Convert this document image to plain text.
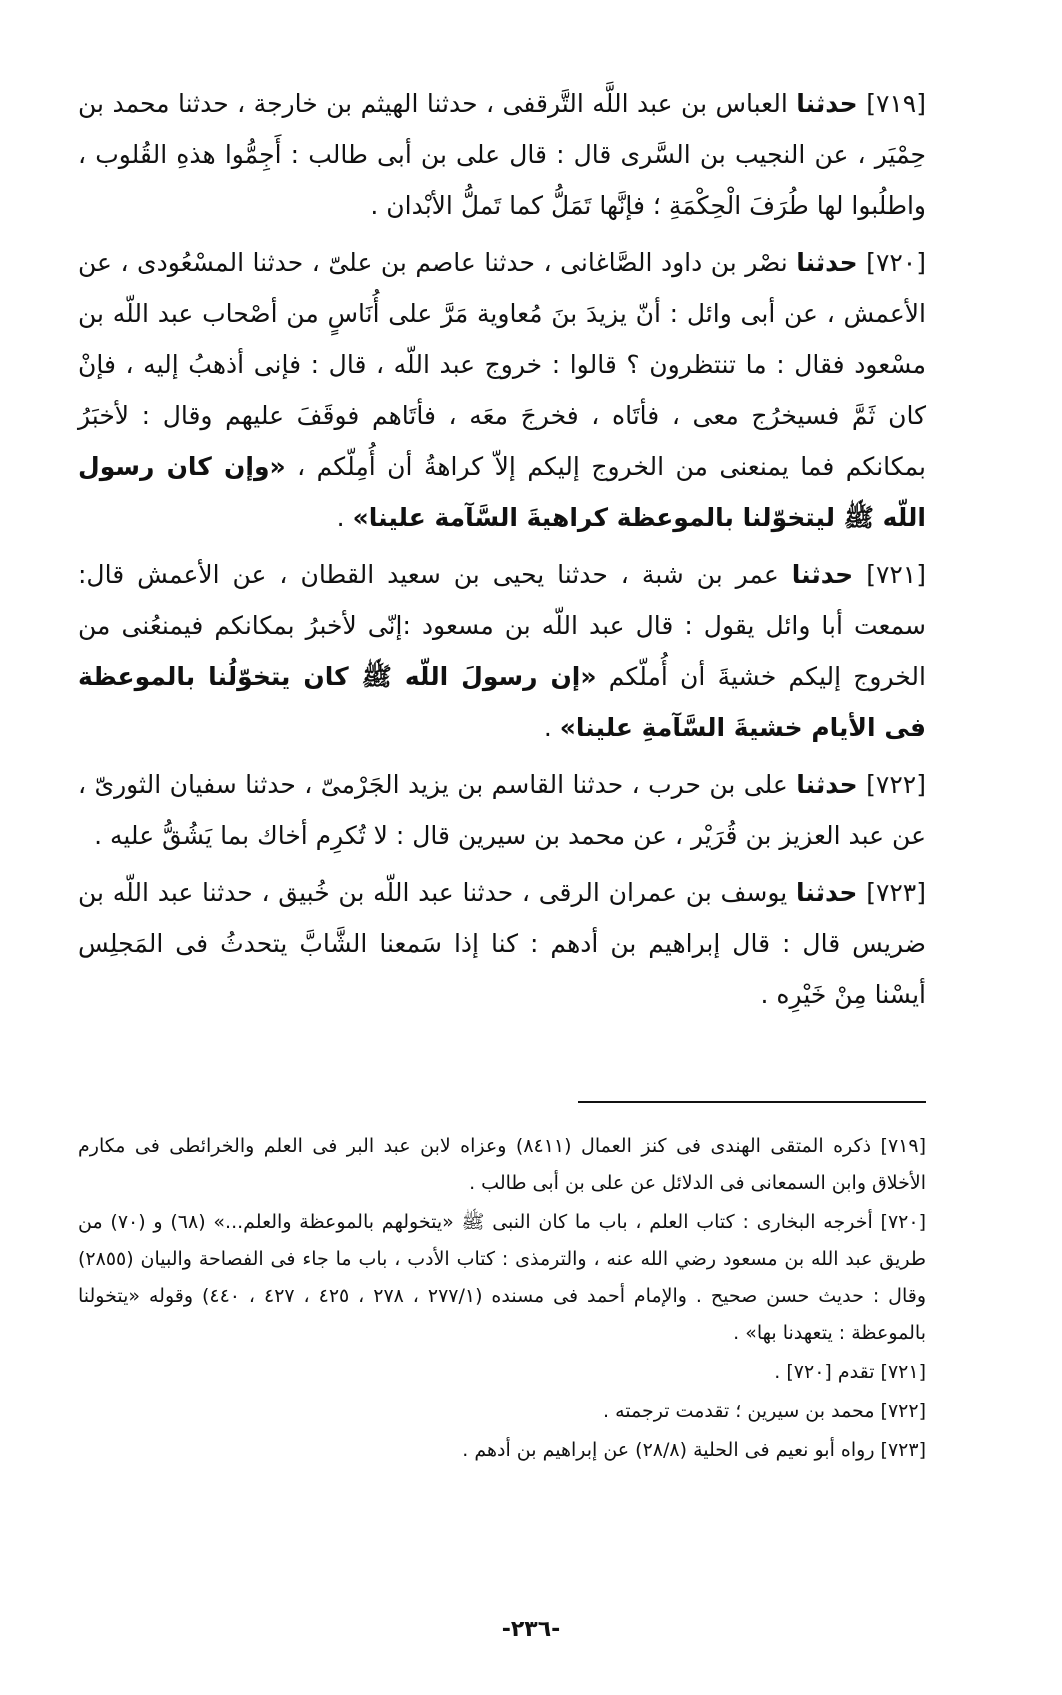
[٧١٩] حدثنا العباس بن عبد اللَّه التَّرقفى ، حدثنا الهيثم بن خارجة ، حدثنا محمد بن حِمْيَر ، عن النجيب بن السَّرى قال : قال على بن أبى طالب : أَجِمُّوا هذهِ القُلوب ، واطلُبوا لها طُرَفَ الْحِكْمَةِ ؛ فإنَّها تَمَلُّ كما تَملُّ الأبْدان .

[٧٢٠] حدثنا نصْر بن داود الصَّاغانى ، حدثنا عاصم بن علىّ ، حدثنا المسْعُودى ، عن الأعمش ، عن أبى وائل : أنّ يزيدَ بنَ مُعاوية مَرَّ على أُنَاسٍ من أصْحاب عبد اللّه بن مسْعود فقال : ما تنتظرون ؟ قالوا : خروج عبد اللّه ، قال : فإنى أذهبُ إليه ، فإنْ كان ثَمَّ فسيخرُج معى ، فأتَاه ، فخرجَ معَه ، فأتَاهم فوقَفَ عليهم وقال : لأخبَرُ بمكانكم فما يمنعنى من الخروج إليكم إلاّ كراهةُ أن أُمِلّكم ، «وإن كان رسول اللّه ﷺ ليتخوّلنا بالموعظة كراهيةَ السَّآمة علينا» .

[٧٢١] حدثنا عمر بن شبة ، حدثنا يحيى بن سعيد القطان ، عن الأعمش قال: سمعت أبا وائل يقول : قال عبد اللّه بن مسعود :إنّى لأخبرُ بمكانكم فيمنعُنى من الخروج إليكم خشيةَ أن أُملّكم «إن رسولَ اللّه ﷺ كان يتخوّلُنا بالموعظة فى الأيام خشيةَ السَّآمةِ علينا» .

[٧٢٢] حدثنا على بن حرب ، حدثنا القاسم بن يزيد الجَرْمىّ ، حدثنا سفيان الثورىّ ، عن عبد العزيز بن قُرَيْر ، عن محمد بن سيرين قال : لا تُكرِم أخاك بما يَشُقُّ عليه .

[٧٢٣] حدثنا يوسف بن عمران الرقى ، حدثنا عبد اللّه بن خُبيق ، حدثنا عبد اللّه بن ضريس قال : قال إبراهيم بن أدهم : كنا إذا سَمعنا الشَّابَّ يتحدثُ فى المَجلِس أيسْنا مِنْ خَيْرِه .

[٧١٩] ذكره المتقى الهندى فى كنز العمال (٨٤١١) وعزاه لابن عبد البر فى العلم والخرائطى فى مكارم الأخلاق وابن السمعانى فى الدلائل عن على بن أبى طالب .

[٧٢٠] أخرجه البخارى : كتاب العلم ، باب ما كان النبى ﷺ «يتخولهم بالموعظة والعلم...» (٦٨) و (٧٠) من طريق عبد الله بن مسعود رضي الله عنه ، والترمذى : كتاب الأدب ، باب ما جاء فى الفصاحة والبيان (٢٨٥٥) وقال : حديث حسن صحيح . والإمام أحمد فى مسنده (٢٧٧/١ ، ٢٧٨ ، ٤٢٥ ، ٤٢٧ ، ٤٤٠) وقوله «يتخولنا بالموعظة : يتعهدنا بها» .

[٧٢١] تقدم [٧٢٠] .

[٧٢٢] محمد بن سيرين ؛ تقدمت ترجمته .

[٧٢٣] رواه أبو نعيم فى الحلية (٢٨/٨) عن إبراهيم بن أدهم .

-٢٣٦-
